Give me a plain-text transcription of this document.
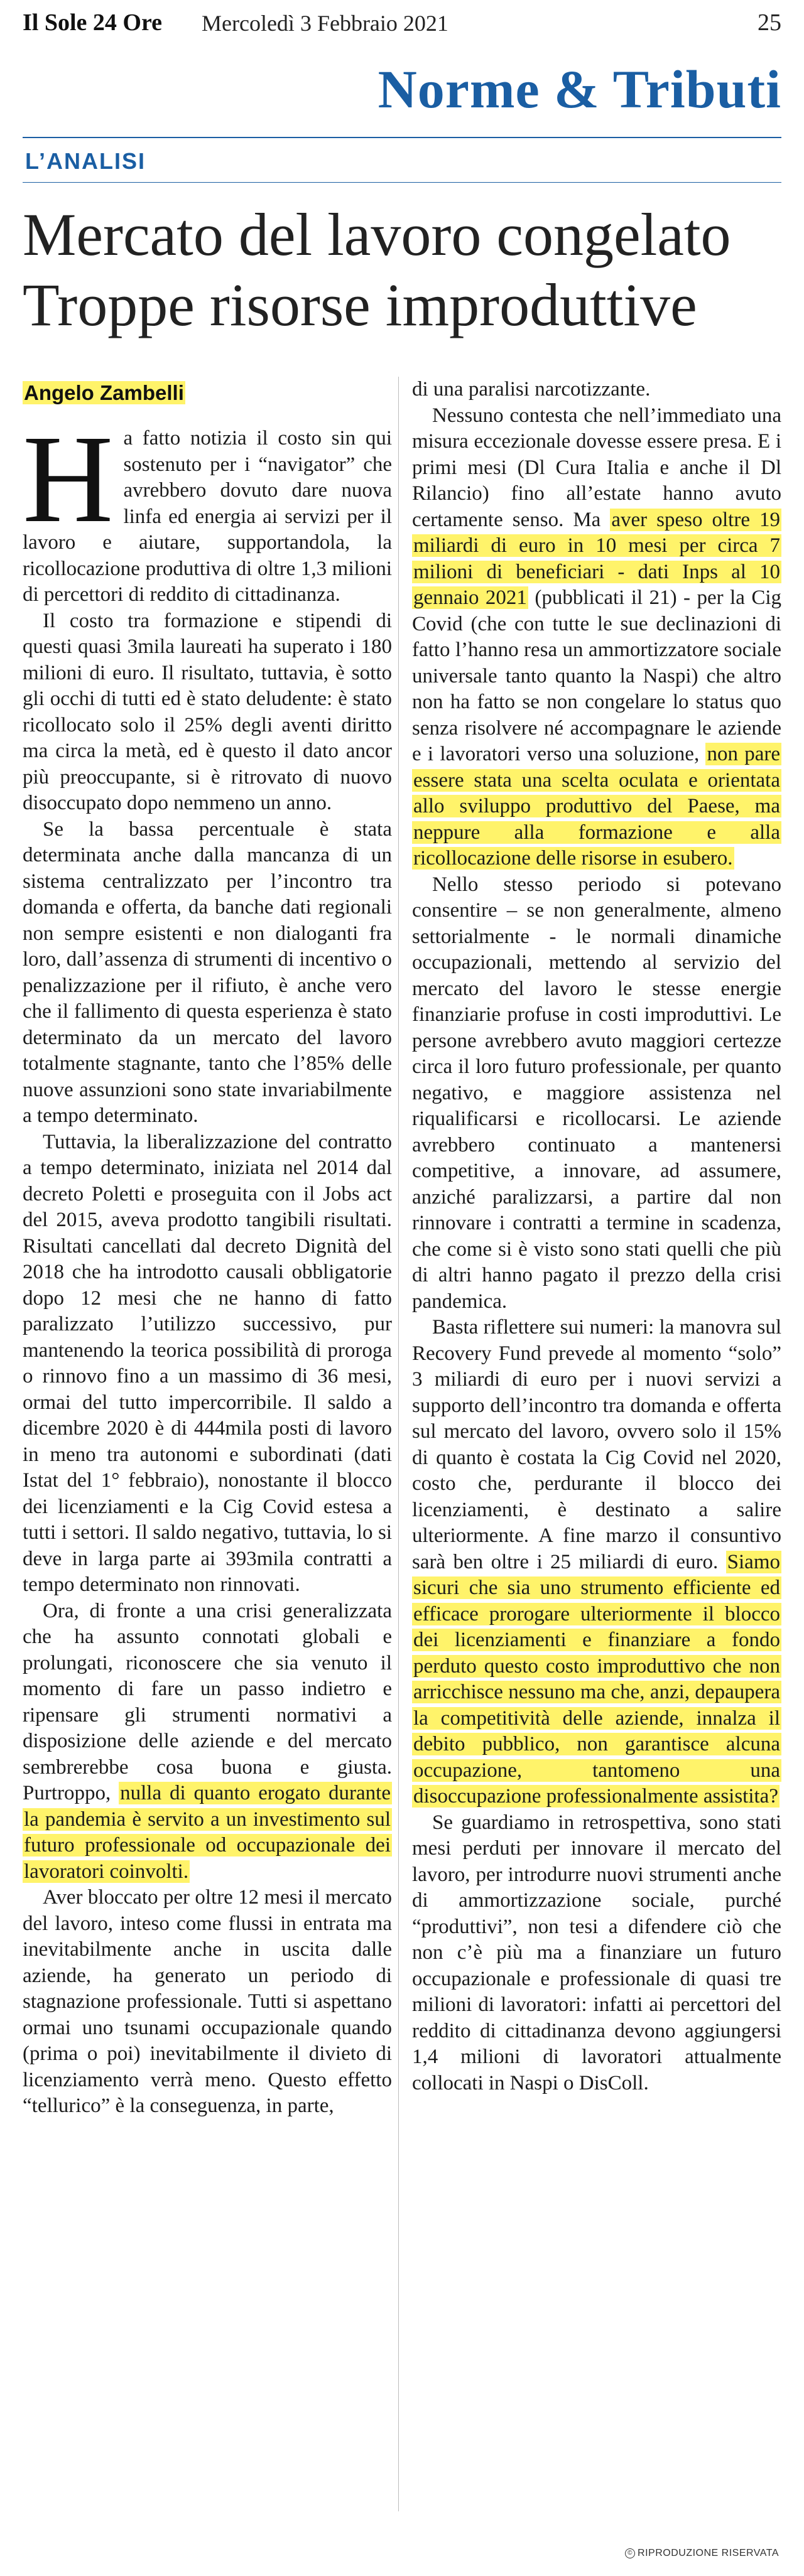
Il Sole 24 Ore Mercoledì 3 Febbraio 2021	25
Norme & Tributi
L’ANALISI
Mercato del lavoro congelato
Troppe risorse improduttive
Angelo Zambelli

Ha fatto notizia il costo sin qui sostenuto per i “navigator” che avrebbero dovuto dare nuova linfa ed energia ai servizi per il lavoro e aiutare, supportandola, la ricollocazione produttiva di oltre 1,3 milioni di percettori di reddito di cittadinanza.

Il costo tra formazione e stipendi di questi quasi 3mila laureati ha superato i 180 milioni di euro. Il risultato, tuttavia, è sotto gli occhi di tutti ed è stato deludente: è stato ricollocato solo il 25% degli aventi diritto ma circa la metà, ed è questo il dato ancor più preoccupante, si è ritrovato di nuovo disoccupato dopo nemmeno un anno.

Se la bassa percentuale è stata determinata anche dalla mancanza di un sistema centralizzato per l’incontro tra domanda e offerta, da banche dati regionali non sempre esistenti e non dialoganti fra loro, dall’assenza di strumenti di incentivo o penalizzazione per il rifiuto, è anche vero che il fallimento di questa esperienza è stato determinato da un mercato del lavoro totalmente stagnante, tanto che l’85% delle nuove assunzioni sono state invariabilmente a tempo determinato.

Tuttavia, la liberalizzazione del contratto a tempo determinato, iniziata nel 2014 dal decreto Poletti e proseguita con il Jobs act del 2015, aveva prodotto tangibili risultati. Risultati cancellati dal decreto Dignità del 2018 che ha introdotto causali obbligatorie dopo 12 mesi che ne hanno di fatto paralizzato l’utilizzo successivo, pur mantenendo la teorica possibilità di proroga o rinnovo fino a un massimo di 36 mesi, ormai del tutto impercorribile. Il saldo a dicembre 2020 è di 444mila posti di lavoro in meno tra autonomi e subordinati (dati Istat del 1° febbraio), nonostante il blocco dei licenziamenti e la Cig Covid estesa a tutti i settori. Il saldo negativo, tuttavia, lo si deve in larga parte ai 393mila contratti a tempo determinato non rinnovati.

Ora, di fronte a una crisi generalizzata che ha assunto connotati globali e prolungati, riconoscere che sia venuto il momento di fare un passo indietro e ripensare gli strumenti normativi a disposizione delle aziende e del mercato sembrerebbe cosa buona e giusta. Purtroppo, nulla di quanto erogato durante la pandemia è servito a un investimento sul futuro professionale od occupazionale dei lavoratori coinvolti.

Aver bloccato per oltre 12 mesi il mercato del lavoro, inteso come flussi in entrata ma inevitabilmente anche in uscita dalle aziende, ha generato un periodo di stagnazione professionale. Tutti si aspettano ormai uno tsunami occupazionale quando (prima o poi) inevitabilmente il divieto di licenziamento verrà meno. Questo effetto “tellurico” è la conseguenza, in parte,

di una paralisi narcotizzante.

Nessuno contesta che nell’immediato una misura eccezionale dovesse essere presa. E i primi mesi (Dl Cura Italia e anche il Dl Rilancio) fino all’estate hanno avuto certamente senso. Ma aver speso oltre 19 miliardi di euro in 10 mesi per circa 7 milioni di beneficiari - dati Inps al 10 gennaio 2021 (pubblicati il 21) - per la Cig Covid (che con tutte le sue declinazioni di fatto l’hanno resa un ammortizzatore sociale universale tanto quanto la Naspi) che altro non ha fatto se non congelare lo status quo senza risolvere né accompagnare le aziende e i lavoratori verso una soluzione, non pare essere stata una scelta oculata e orientata allo sviluppo produttivo del Paese, ma neppure alla formazione e alla ricollocazione delle risorse in esubero.

Nello stesso periodo si potevano consentire – se non generalmente, almeno settorialmente - le normali dinamiche occupazionali, mettendo al servizio del mercato del lavoro le stesse energie finanziarie profuse in costi improduttivi. Le persone avrebbero avuto maggiori certezze circa il loro futuro professionale, per quanto negativo, e maggiore assistenza nel riqualificarsi e ricollocarsi. Le aziende avrebbero continuato a mantenersi competitive, a innovare, ad assumere, anziché paralizzarsi, a partire dal non rinnovare i contratti a termine in scadenza, che come si è visto sono stati quelli che più di altri hanno pagato il prezzo della crisi pandemica.

Basta riflettere sui numeri: la manovra sul Recovery Fund prevede al momento “solo” 3 miliardi di euro per i nuovi servizi a supporto dell’incontro tra domanda e offerta sul mercato del lavoro, ovvero solo il 15% di quanto è costata la Cig Covid nel 2020, costo che, perdurante il blocco dei licenziamenti, è destinato a salire ulteriormente. A fine marzo il consuntivo sarà ben oltre i 25 miliardi di euro. Siamo sicuri che sia uno strumento efficiente ed efficace prorogare ulteriormente il blocco dei licenziamenti e finanziare a fondo perduto questo costo improduttivo che non arricchisce nessuno ma che, anzi, depaupera la competitività delle aziende, innalza il debito pubblico, non garantisce alcuna occupazione, tantomeno una disoccupazione professionalmente assistita?

Se guardiamo in retrospettiva, sono stati mesi perduti per innovare il mercato del lavoro, per introdurre nuovi strumenti anche di ammortizzazione sociale, purché “produttivi”, non tesi a difendere ciò che non c’è più ma a finanziare un futuro occupazionale e professionale di quasi tre milioni di lavoratori: infatti ai percettori del reddito di cittadinanza devono aggiungersi 1,4 milioni di lavoratori attualmente collocati in Naspi o DisColl.

© RIPRODUZIONE RISERVATA
